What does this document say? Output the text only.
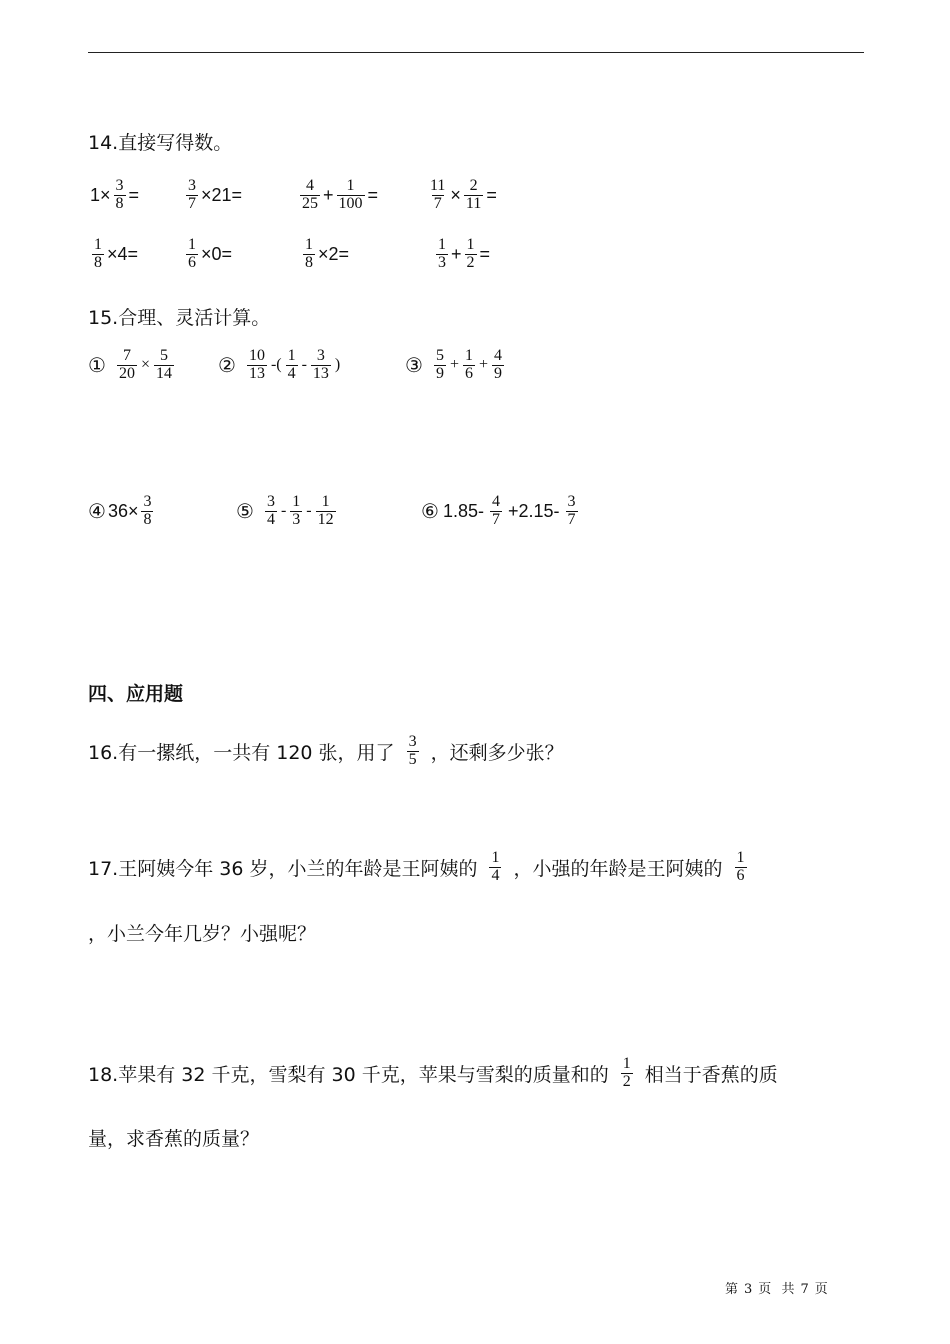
14.直接写得数。
$1\times \frac{3}{8}$ =	$\frac{3}{7} \times 21=$	$\frac{4}{25} + \frac{1}{100}$ =	$\frac{11}{7} \times \frac{2}{11}$ =
$\frac{1}{8} \times 4=$	$\frac{1}{6} \times 0=$	$\frac{1}{8} \times 2=$	$\frac{1}{3} + \frac{1}{2}$ =
15.合理、灵活计算。
① $\frac{7}{20} \times \frac{5}{14}$ ② $\frac{10}{13}$ -( $\frac{1}{4} - \frac{3}{13}$ )	③ $\frac{5}{9} + \frac{1}{6} + \frac{4}{9}$
④ $36\times \frac{3}{8}$	⑤ $\frac{3}{4} - \frac{1}{3} - \frac{1}{12}$	⑥ $1.85- \frac{4}{7} +2.15- \frac{3}{7}$
四、应用题
16.有一摞纸，一共有 120 张，用了 $\frac{3}{5}$ ，还剩多少张？
17.王阿姨今年 36 岁，小兰的年龄是王阿姨的 $\frac{1}{4}$ ，小强的年龄是王阿姨的 $\frac{1}{6}$
，小兰今年几岁？小强呢？
18.苹果有 32 千克，雪梨有 30 千克，苹果与雪梨的质量和的 $\frac{1}{2}$ 相当于香蕉的质
量，求香蕉的质量？
第 3 页 共 7 页
